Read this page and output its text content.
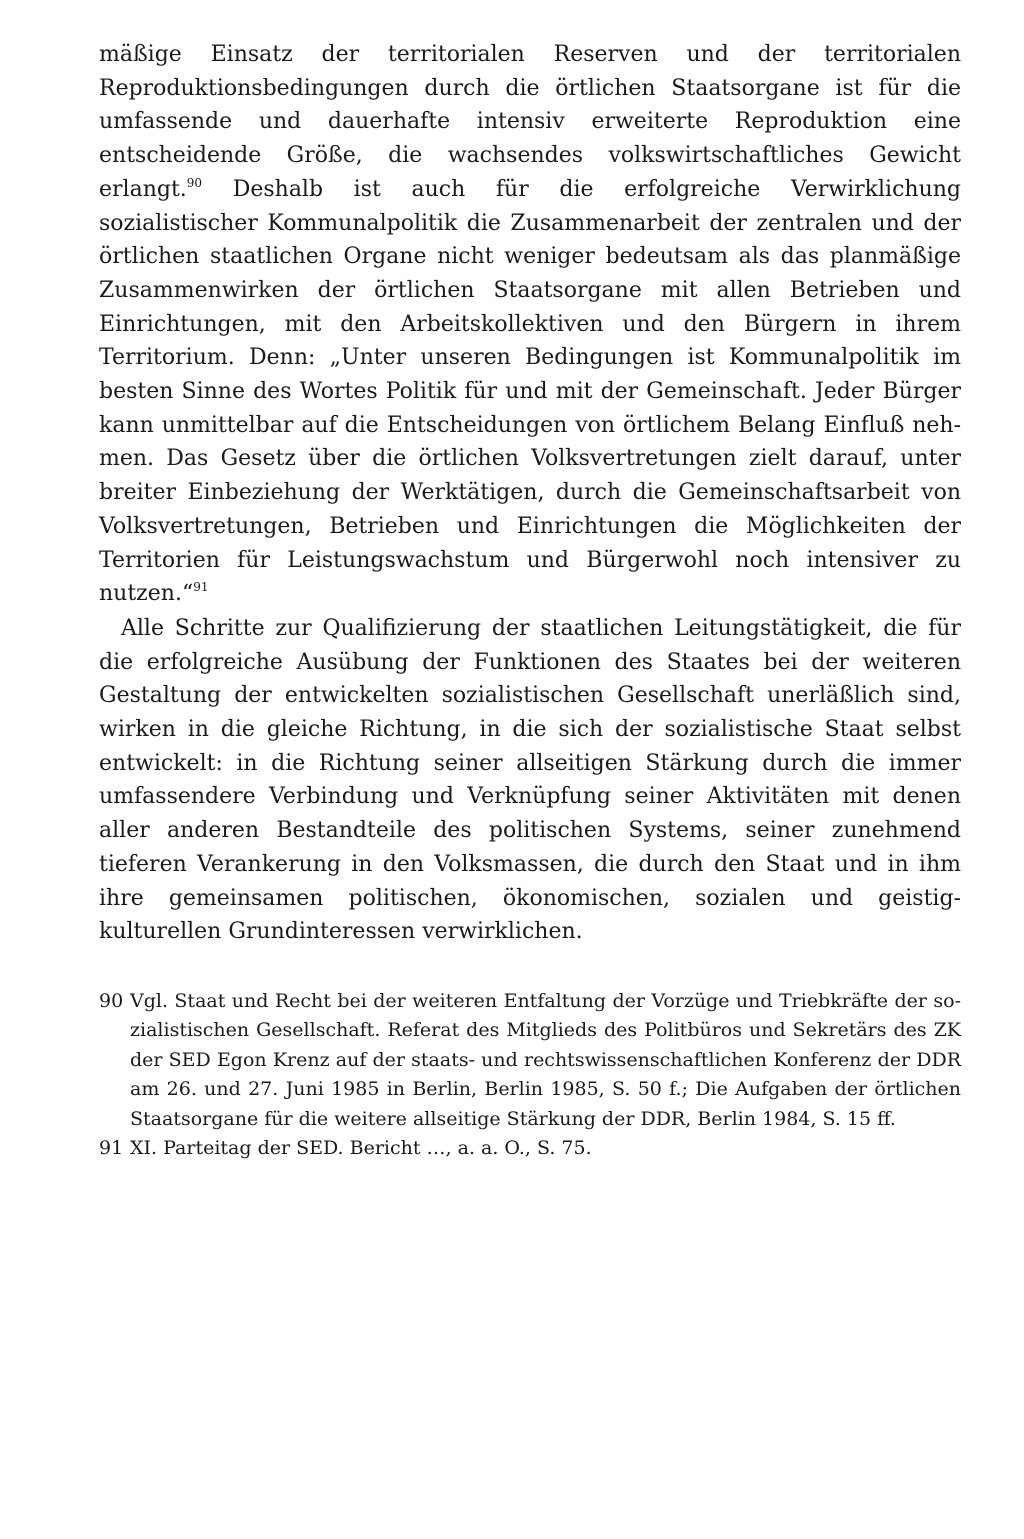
mäßige Einsatz der territorialen Reserven und der territorialen Reproduktionsbedingungen durch die örtlichen Staatsorgane ist für die umfassende und dauerhafte intensiv erweiterte Reproduktion eine entscheidende Größe, die wachsendes volkswirtschaftliches Gewicht erlangt.$^{90}$ Deshalb ist auch für die erfolgreiche Verwirklichung sozialistischer Kommunalpolitik die Zusammenarbeit der zentralen und der örtlichen staatlichen Organe nicht weniger bedeutsam als das planmäßige Zusammenwirken der örtlichen Staatsorgane mit allen Betrieben und Einrichtungen, mit den Arbeitskollektiven und den Bürgern in ihrem Territorium. Denn: „Unter unseren Bedingungen ist Kommunalpolitik im besten Sinne des Wortes Politik für und mit der Gemeinschaft. Jeder Bürger kann unmittelbar auf die Entscheidungen von örtlichem Belang Einfluß nehmen. Das Gesetz über die örtlichen Volksvertretungen zielt darauf, unter breiter Einbeziehung der Werktätigen, durch die Gemeinschaftsarbeit von Volksvertretungen, Betrieben und Einrichtungen die Möglichkeiten der Territorien für Leistungswachstum und Bürgerwohl noch intensiver zu nutzen.“$^{91}$

Alle Schritte zur Qualifizierung der staatlichen Leitungstätigkeit, die für die erfolgreiche Ausübung der Funktionen des Staates bei der weiteren Gestaltung der entwickelten sozialistischen Gesellschaft unerläßlich sind, wirken in die gleiche Richtung, in die sich der sozialistische Staat selbst entwickelt: in die Richtung seiner allseitigen Stärkung durch die immer umfassendere Verbindung und Verknüpfung seiner Aktivitäten mit denen aller anderen Bestandteile des politischen Systems, seiner zunehmend tieferen Verankerung in den Volksmassen, die durch den Staat und in ihm ihre gemeinsamen politischen, ökonomischen, sozialen und geistig-kulturellen Grundinteressen verwirklichen.

90 Vgl. Staat und Recht bei der weiteren Entfaltung der Vorzüge und Triebkräfte der sozialistischen Gesellschaft. Referat des Mitglieds des Politbüros und Sekretärs des ZK der SED Egon Krenz auf der staats- und rechtswissenschaftlichen Konferenz der DDR am 26. und 27. Juni 1985 in Berlin, Berlin 1985, S. 50 f.; Die Aufgaben der örtlichen Staatsorgane für die weitere allseitige Stärkung der DDR, Berlin 1984, S. 15 ff.
91 XI. Parteitag der SED. Bericht …, a. a. O., S. 75.
